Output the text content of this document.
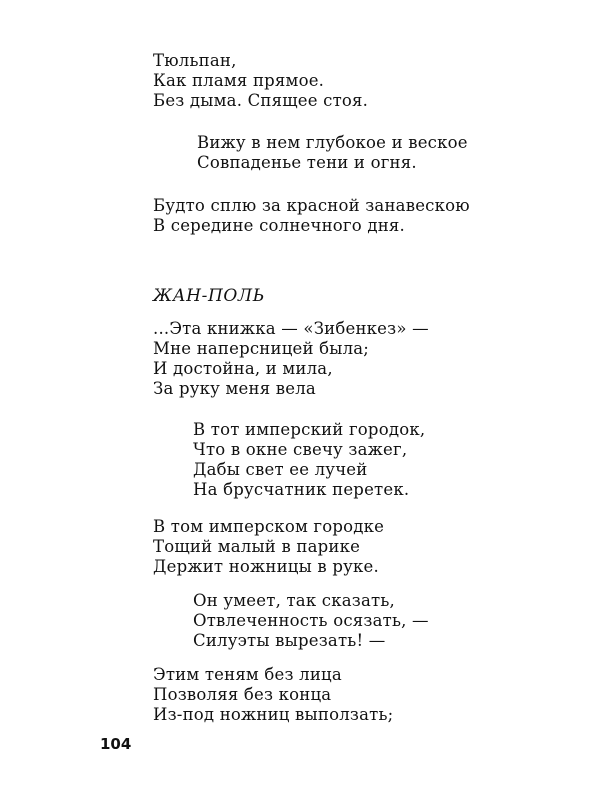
Тюльпан,
Как пламя прямое.
Без дыма. Спящее стоя.
Вижу в нем глубокое и веское
Совпаденье тени и огня.
Будто сплю за красной занавескою
В середине солнечного дня.
ЖАН-ПОЛЬ
...Эта книжка — «Зибенкез» —
Мне наперсницей была;
И достойна, и мила,
За руку меня вела
В тот имперский городок,
Что в окне свечу зажег,
Дабы свет ее лучей
На брусчатник перетек.
В том имперском городке
Тощий малый в парике
Держит ножницы в руке.
Он умеет, так сказать,
Отвлеченность осязать, —
Силуэты вырезать! —
Этим теням без лица
Позволяя без конца
Из-под ножниц выползать;
104
